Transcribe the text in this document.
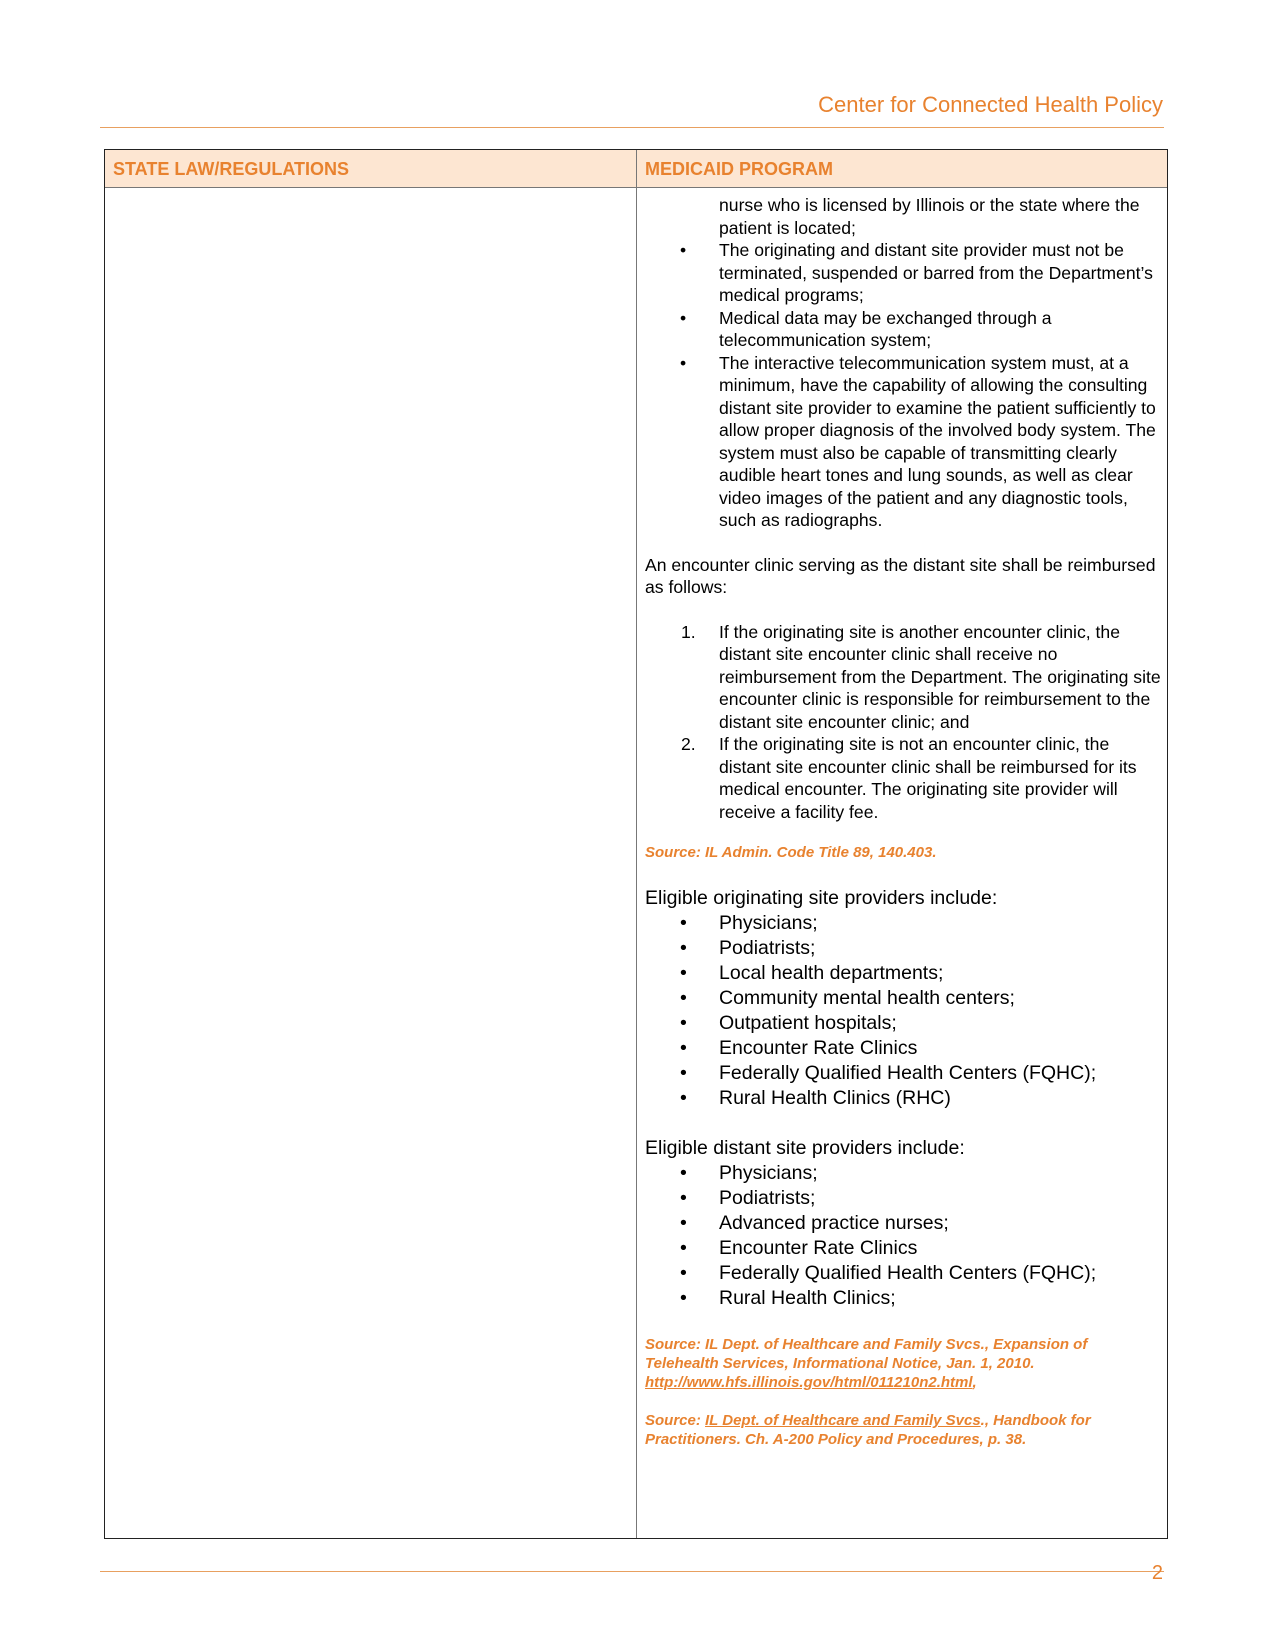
Center for Connected Health Policy
STATE LAW/REGULATIONS	MEDICAID PROGRAM
nurse who is licensed by Illinois or the state where the patient is located;
• The originating and distant site provider must not be terminated, suspended or barred from the Department’s medical programs;
• Medical data may be exchanged through a telecommunication system;
• The interactive telecommunication system must, at a minimum, have the capability of allowing the consulting distant site provider to examine the patient sufficiently to allow proper diagnosis of the involved body system. The system must also be capable of transmitting clearly audible heart tones and lung sounds, as well as clear video images of the patient and any diagnostic tools, such as radiographs.
An encounter clinic serving as the distant site shall be reimbursed as follows:
1. If the originating site is another encounter clinic, the distant site encounter clinic shall receive no reimbursement from the Department. The originating site encounter clinic is responsible for reimbursement to the distant site encounter clinic; and
2. If the originating site is not an encounter clinic, the distant site encounter clinic shall be reimbursed for its medical encounter. The originating site provider will receive a facility fee.
Source: IL Admin. Code Title 89, 140.403.
Eligible originating site providers include:
• Physicians;
• Podiatrists;
• Local health departments;
• Community mental health centers;
• Outpatient hospitals;
• Encounter Rate Clinics
• Federally Qualified Health Centers (FQHC);
• Rural Health Clinics (RHC)
Eligible distant site providers include:
• Physicians;
• Podiatrists;
• Advanced practice nurses;
• Encounter Rate Clinics
• Federally Qualified Health Centers (FQHC);
• Rural Health Clinics;
Source: IL Dept. of Healthcare and Family Svcs., Expansion of Telehealth Services, Informational Notice, Jan. 1, 2010.
http://www.hfs.illinois.gov/html/011210n2.html,
Source: IL Dept. of Healthcare and Family Svcs., Handbook for Practitioners. Ch. A-200 Policy and Procedures, p. 38.
2
